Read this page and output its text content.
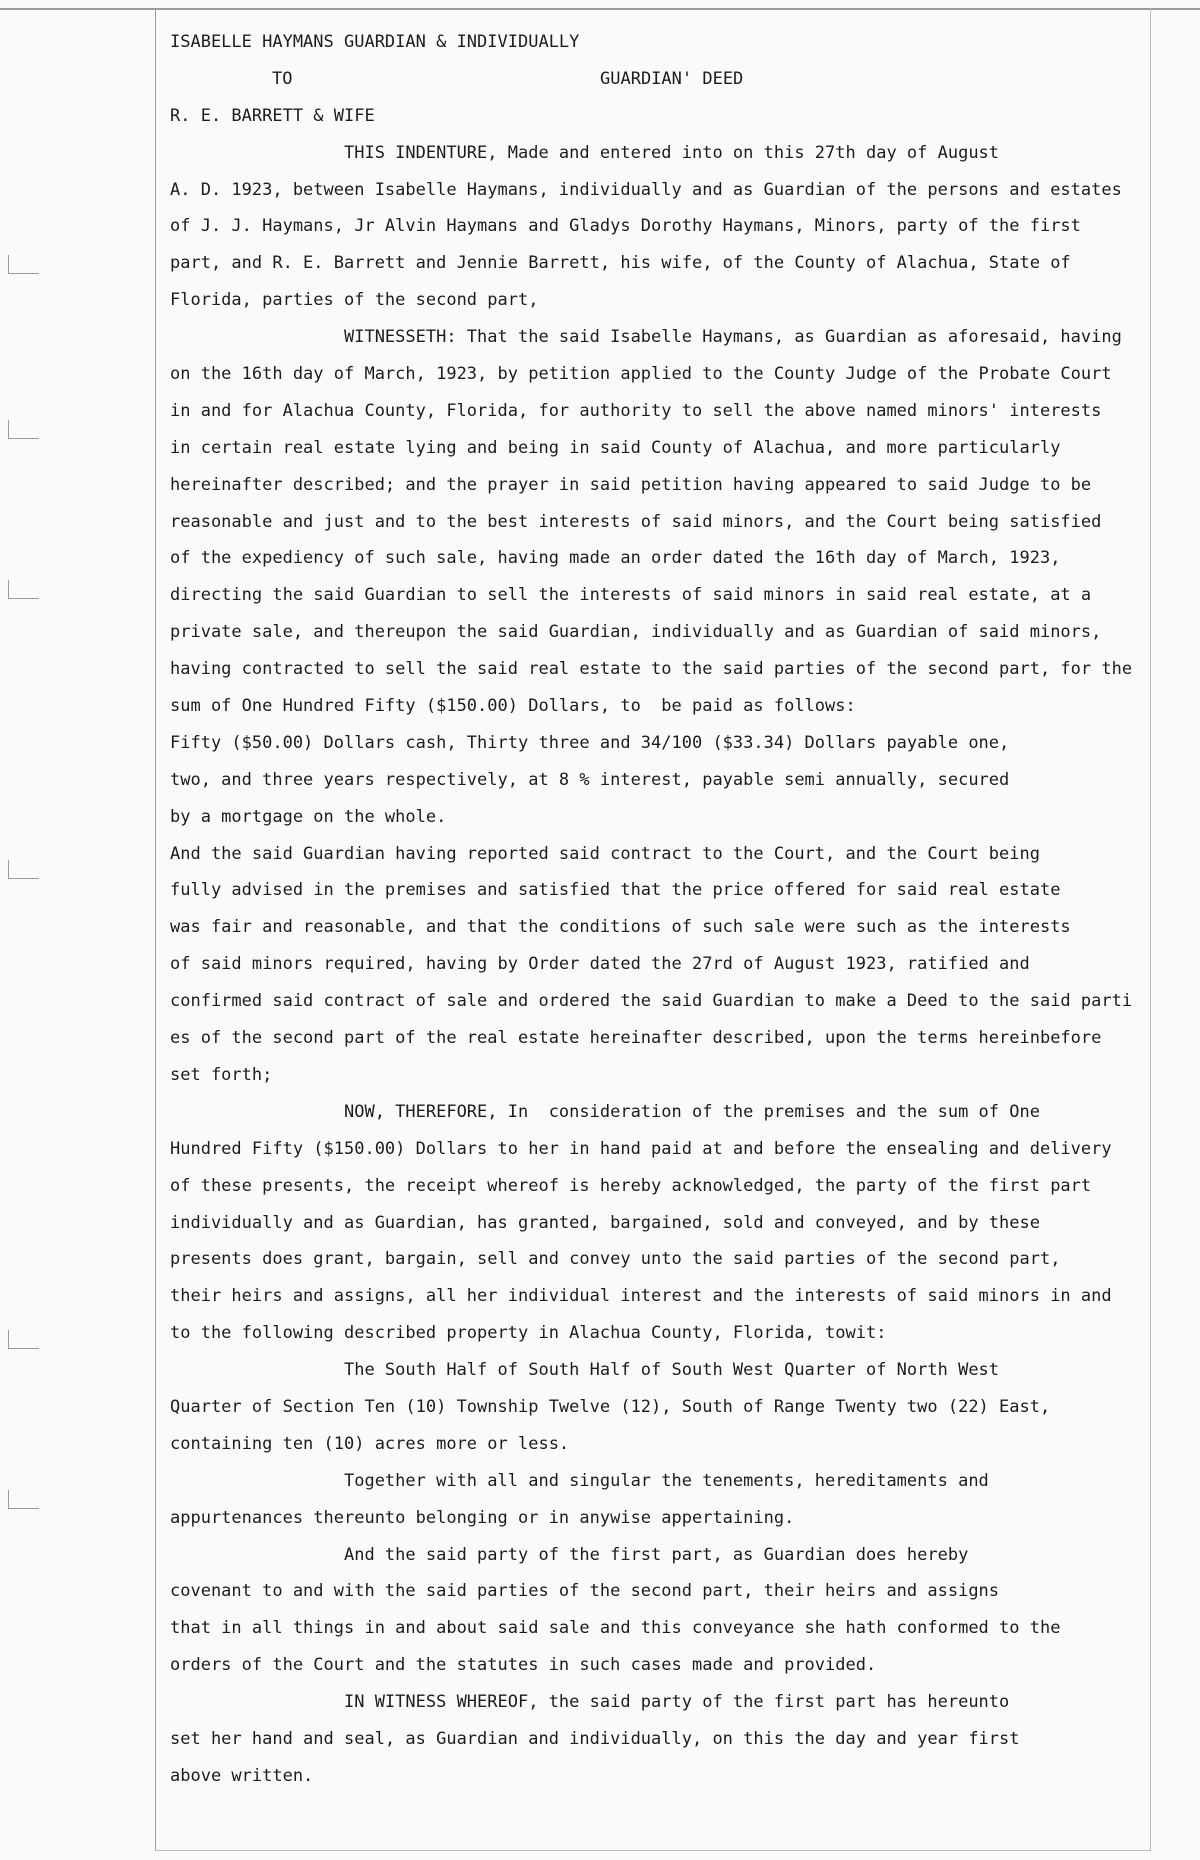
ISABELLE HAYMANS GUARDIAN & INDIVIDUALLY

TO

	GUARDIAN' DEED

R. E. BARRETT & WIFE
THIS INDENTURE, Made and entered into on this 27th day of August
A. D. 1923, between Isabelle Haymans, individually and as Guardian of the persons and estates
of J. J. Haymans, Jr Alvin Haymans and Gladys Dorothy Haymans, Minors, party of the first
part, and R. E. Barrett and Jennie Barrett, his wife, of the County of Alachua, State of
Florida, parties of the second part,
WITNESSETH: That the said Isabelle Haymans, as Guardian as aforesaid, having
on the 16th day of March, 1923, by petition applied to the County Judge of the Probate Court
in and for Alachua County, Florida, for authority to sell the above named minors' interests
in certain real estate lying and being in said County of Alachua, and more particularly
hereinafter described; and the prayer in said petition having appeared to said Judge to be
reasonable and just and to the best interests of said minors, and the Court being satisfied
of the expediency of such sale, having made an order dated the 16th day of March, 1923,
directing the said Guardian to sell the interests of said minors in said real estate, at a
private sale, and thereupon the said Guardian, individually and as Guardian of said minors,
having contracted to sell the said real estate to the said parties of the second part, for the
sum of One Hundred Fifty ($150.00) Dollars, to  be paid as follows:
Fifty ($50.00) Dollars cash, Thirty three and 34/100 ($33.34) Dollars payable one,
two, and three years respectively, at 8 % interest, payable semi annually, secured
by a mortgage on the whole.
And the said Guardian having reported said contract to the Court, and the Court being
fully advised in the premises and satisfied that the price offered for said real estate
was fair and reasonable, and that the conditions of such sale were such as the interests
of said minors required, having by Order dated the 27rd of August 1923, ratified and
confirmed said contract of sale and ordered the said Guardian to make a Deed to the said parti
es of the second part of the real estate hereinafter described, upon the terms hereinbefore
set forth;
NOW, THEREFORE, In  consideration of the premises and the sum of One
Hundred Fifty ($150.00) Dollars to her in hand paid at and before the ensealing and delivery
of these presents, the receipt whereof is hereby acknowledged, the party of the first part
individually and as Guardian, has granted, bargained, sold and conveyed, and by these
presents does grant, bargain, sell and convey unto the said parties of the second part,
their heirs and assigns, all her individual interest and the interests of said minors in and
to the following described property in Alachua County, Florida, towit:
The South Half of South Half of South West Quarter of North West
Quarter of Section Ten (10) Township Twelve (12), South of Range Twenty two (22) East,
containing ten (10) acres more or less.
Together with all and singular the tenements, hereditaments and
appurtenances thereunto belonging or in anywise appertaining.
And the said party of the first part, as Guardian does hereby
covenant to and with the said parties of the second part, their heirs and assigns
that in all things in and about said sale and this conveyance she hath conformed to the
orders of the Court and the statutes in such cases made and provided.
IN WITNESS WHEREOF, the said party of the first part has hereunto
set her hand and seal, as Guardian and individually, on this the day and year first
above written.
